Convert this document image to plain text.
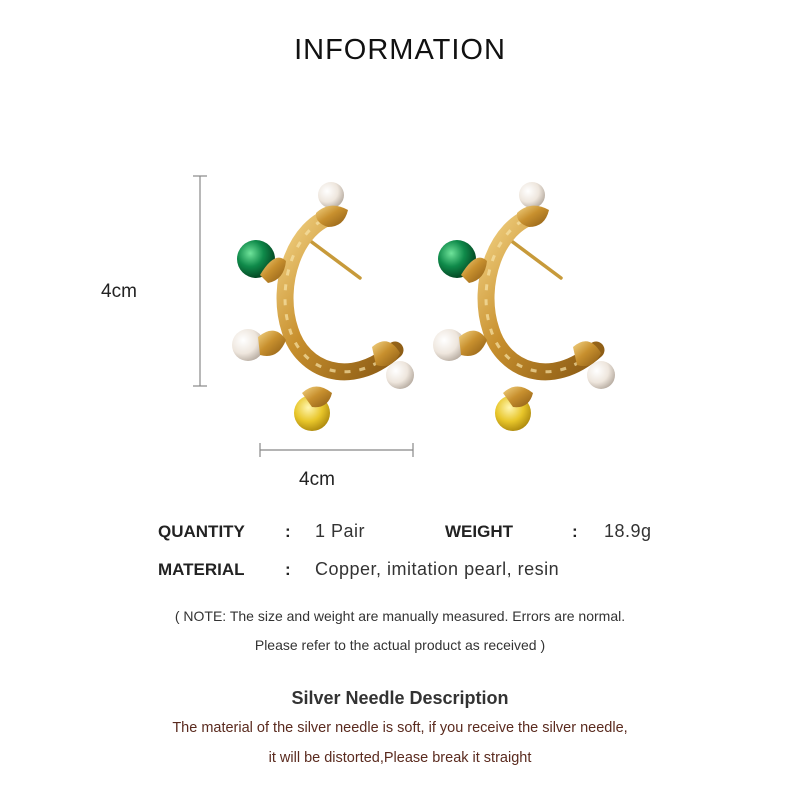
INFORMATION
4cm
4cm
QUANTITY : 1 Pair	WEIGHT	: 18.9g
MATERIAL : Copper, imitation pearl, resin
( NOTE: The size and weight are manually measured. Errors are normal.
Please refer to the actual product as received )
Silver Needle Description
The material of the silver needle is soft, if you receive the silver needle,
it will be distorted,Please break it straight
